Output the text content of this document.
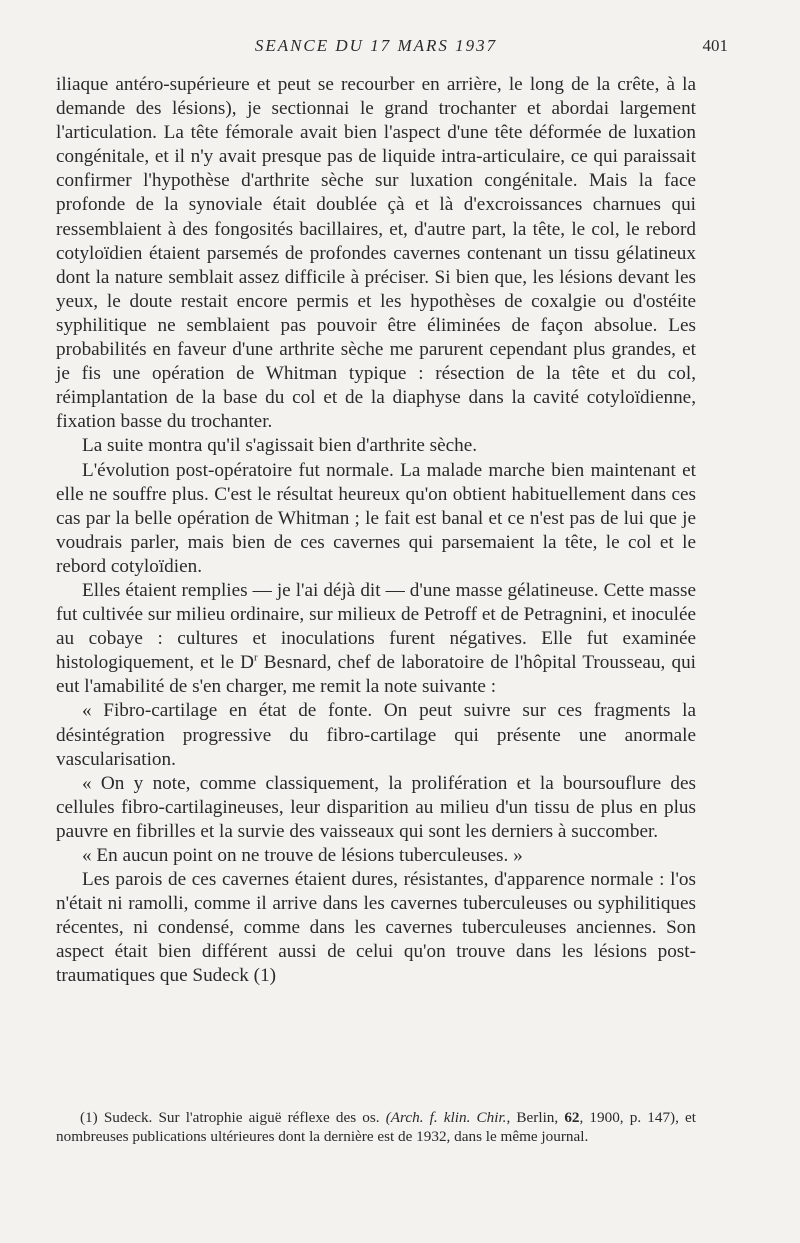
SEANCE DU 17 MARS 1937	401

iliaque antéro-supérieure et peut se recourber en arrière, le long de la crête, à la demande des lésions), je sectionnai le grand trochanter et abordai largement l'articulation. La tête fémorale avait bien l'aspect d'une tête déformée de luxation congénitale, et il n'y avait presque pas de liquide intra-articulaire, ce qui paraissait confirmer l'hypothèse d'arthrite sèche sur luxation congénitale. Mais la face profonde de la synoviale était doublée çà et là d'excroissances charnues qui ressemblaient à des fongosités bacillaires, et, d'autre part, la tête, le col, le rebord cotyloïdien étaient parsemés de profondes cavernes contenant un tissu gélatineux dont la nature semblait assez difficile à préciser. Si bien que, les lésions devant les yeux, le doute restait encore permis et les hypothèses de coxalgie ou d'ostéite syphilitique ne semblaient pas pouvoir être éliminées de façon absolue. Les probabilités en faveur d'une arthrite sèche me parurent cependant plus grandes, et je fis une opération de Whitman typique : résection de la tête et du col, réimplantation de la base du col et de la diaphyse dans la cavité cotyloïdienne, fixation basse du trochanter.

La suite montra qu'il s'agissait bien d'arthrite sèche.

L'évolution post-opératoire fut normale. La malade marche bien maintenant et elle ne souffre plus. C'est le résultat heureux qu'on obtient habituellement dans ces cas par la belle opération de Whitman ; le fait est banal et ce n'est pas de lui que je voudrais parler, mais bien de ces cavernes qui parsemaient la tête, le col et le rebord cotyloïdien.

Elles étaient remplies — je l'ai déjà dit — d'une masse gélatineuse. Cette masse fut cultivée sur milieu ordinaire, sur milieux de Petroff et de Petragnini, et inoculée au cobaye : cultures et inoculations furent négatives. Elle fut examinée histologiquement, et le $D^r$ Besnard, chef de laboratoire de l'hôpital Trousseau, qui eut l'amabilité de s'en charger, me remit la note suivante :

« Fibro-cartilage en état de fonte. On peut suivre sur ces fragments la désintégration progressive du fibro-cartilage qui présente une anormale vascularisation.

« On y note, comme classiquement, la prolifération et la boursouflure des cellules fibro-cartilagineuses, leur disparition au milieu d'un tissu de plus en plus pauvre en fibrilles et la survie des vaisseaux qui sont les derniers à succomber.

« En aucun point on ne trouve de lésions tuberculeuses. »

Les parois de ces cavernes étaient dures, résistantes, d'apparence normale : l'os n'était ni ramolli, comme il arrive dans les cavernes tuberculeuses ou syphilitiques récentes, ni condensé, comme dans les cavernes tuberculeuses anciennes. Son aspect était bien différent aussi de celui qu'on trouve dans les lésions post-traumatiques que Sudeck (1)

(1) Sudeck. Sur l'atrophie aiguë réflexe des os. (Arch. f. klin. Chir., Berlin, 62, 1900, p. 147), et nombreuses publications ultérieures dont la dernière est de 1932, dans le même journal.
